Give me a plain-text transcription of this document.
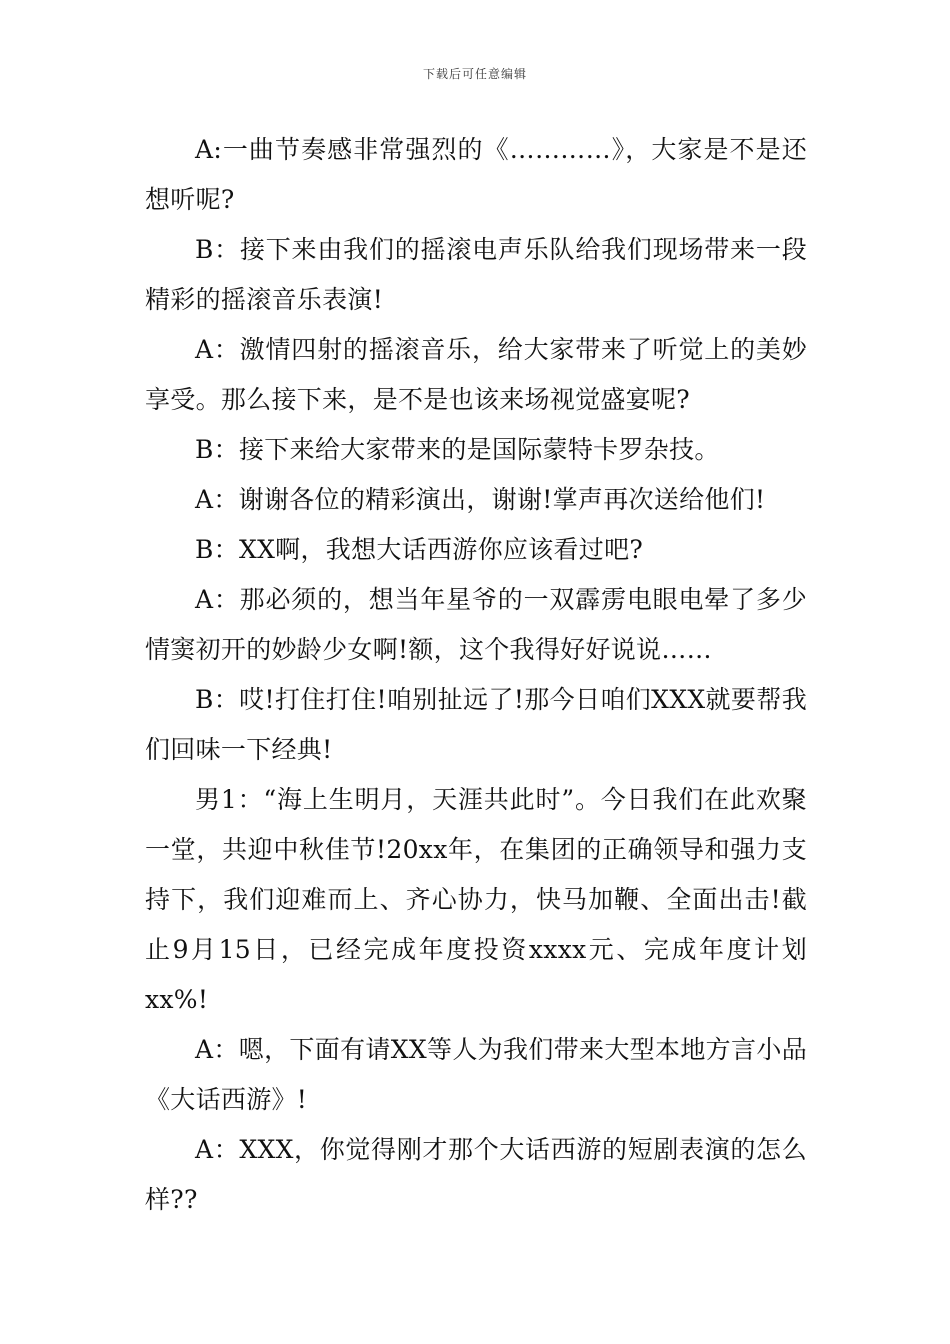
下载后可任意编辑

A:一曲节奏感非常强烈的《…………》，大家是不是还想听呢?

B：接下来由我们的摇滚电声乐队给我们现场带来一段精彩的摇滚音乐表演!

A：激情四射的摇滚音乐，给大家带来了听觉上的美妙享受。那么接下来，是不是也该来场视觉盛宴呢?

B：接下来给大家带来的是国际蒙特卡罗杂技。

A：谢谢各位的精彩演出，谢谢!掌声再次送给他们!

B：XX啊，我想大话西游你应该看过吧?

A：那必须的，想当年星爷的一双霹雳电眼电晕了多少情窦初开的妙龄少女啊!额，这个我得好好说说……

B：哎!打住打住!咱别扯远了!那今日咱们XXX就要帮我们回味一下经典!

男1：“海上生明月，天涯共此时”。今日我们在此欢聚一堂，共迎中秋佳节!20xx年，在集团的正确领导和强力支持下，我们迎难而上、齐心协力，快马加鞭、全面出击!截止9月15日，已经完成年度投资xxxx元、完成年度计划xx%!

A：嗯，下面有请XX等人为我们带来大型本地方言小品《大话西游》!

A：XXX，你觉得刚才那个大话西游的短剧表演的怎么样??
